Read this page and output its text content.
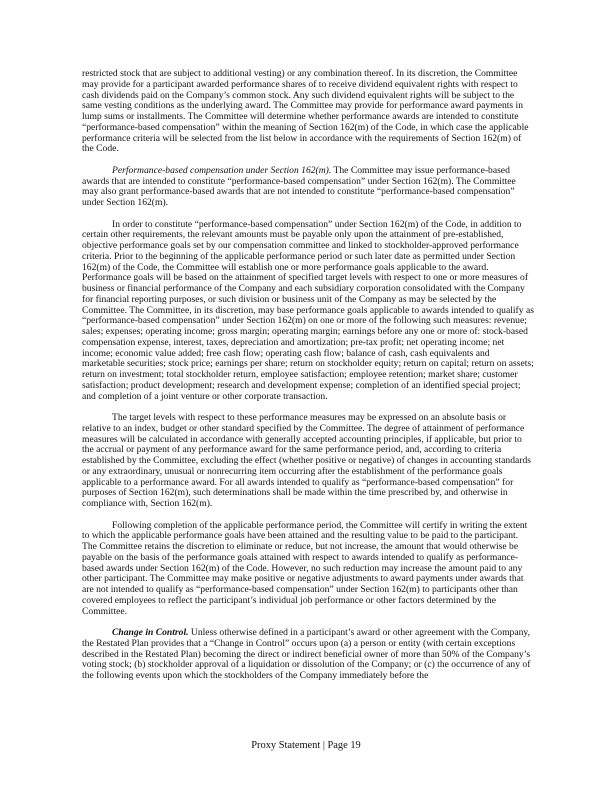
restricted stock that are subject to additional vesting) or any combination thereof. In its discretion, the Committee may provide for a participant awarded performance shares of to receive dividend equivalent rights with respect to cash dividends paid on the Company’s common stock. Any such dividend equivalent rights will be subject to the same vesting conditions as the underlying award. The Committee may provide for performance award payments in lump sums or installments. The Committee will determine whether performance awards are intended to constitute “performance-based compensation” within the meaning of Section 162(m) of the Code, in which case the applicable performance criteria will be selected from the list below in accordance with the requirements of Section 162(m) of the Code.

Performance-based compensation under Section 162(m). The Committee may issue performance-based awards that are intended to constitute “performance-based compensation” under Section 162(m). The Committee may also grant performance-based awards that are not intended to constitute “performance-based compensation” under Section 162(m).

In order to constitute “performance-based compensation” under Section 162(m) of the Code, in addition to certain other requirements, the relevant amounts must be payable only upon the attainment of pre-established, objective performance goals set by our compensation committee and linked to stockholder-approved performance criteria. Prior to the beginning of the applicable performance period or such later date as permitted under Section 162(m) of the Code, the Committee will establish one or more performance goals applicable to the award. Performance goals will be based on the attainment of specified target levels with respect to one or more measures of business or financial performance of the Company and each subsidiary corporation consolidated with the Company for financial reporting purposes, or such division or business unit of the Company as may be selected by the Committee. The Committee, in its discretion, may base performance goals applicable to awards intended to qualify as “performance-based compensation” under Section 162(m) on one or more of the following such measures: revenue; sales; expenses; operating income; gross margin; operating margin; earnings before any one or more of: stock-based compensation expense, interest, taxes, depreciation and amortization; pre-tax profit; net operating income; net income; economic value added; free cash flow; operating cash flow; balance of cash, cash equivalents and marketable securities; stock price; earnings per share; return on stockholder equity; return on capital; return on assets; return on investment; total stockholder return, employee satisfaction; employee retention; market share; customer satisfaction; product development; research and development expense; completion of an identified special project; and completion of a joint venture or other corporate transaction.

The target levels with respect to these performance measures may be expressed on an absolute basis or relative to an index, budget or other standard specified by the Committee. The degree of attainment of performance measures will be calculated in accordance with generally accepted accounting principles, if applicable, but prior to the accrual or payment of any performance award for the same performance period, and, according to criteria established by the Committee, excluding the effect (whether positive or negative) of changes in accounting standards or any extraordinary, unusual or nonrecurring item occurring after the establishment of the performance goals applicable to a performance award. For all awards intended to qualify as “performance-based compensation” for purposes of Section 162(m), such determinations shall be made within the time prescribed by, and otherwise in compliance with, Section 162(m).

Following completion of the applicable performance period, the Committee will certify in writing the extent to which the applicable performance goals have been attained and the resulting value to be paid to the participant. The Committee retains the discretion to eliminate or reduce, but not increase, the amount that would otherwise be payable on the basis of the performance goals attained with respect to awards intended to qualify as performance-based awards under Section 162(m) of the Code. However, no such reduction may increase the amount paid to any other participant. The Committee may make positive or negative adjustments to award payments under awards that are not intended to qualify as “performance-based compensation” under Section 162(m) to participants other than covered employees to reflect the participant’s individual job performance or other factors determined by the Committee.

Change in Control. Unless otherwise defined in a participant’s award or other agreement with the Company, the Restated Plan provides that a “Change in Control” occurs upon (a) a person or entity (with certain exceptions described in the Restated Plan) becoming the direct or indirect beneficial owner of more than 50% of the Company’s voting stock; (b) stockholder approval of a liquidation or dissolution of the Company; or (c) the occurrence of any of the following events upon which the stockholders of the Company immediately before the

Proxy Statement | Page 19
